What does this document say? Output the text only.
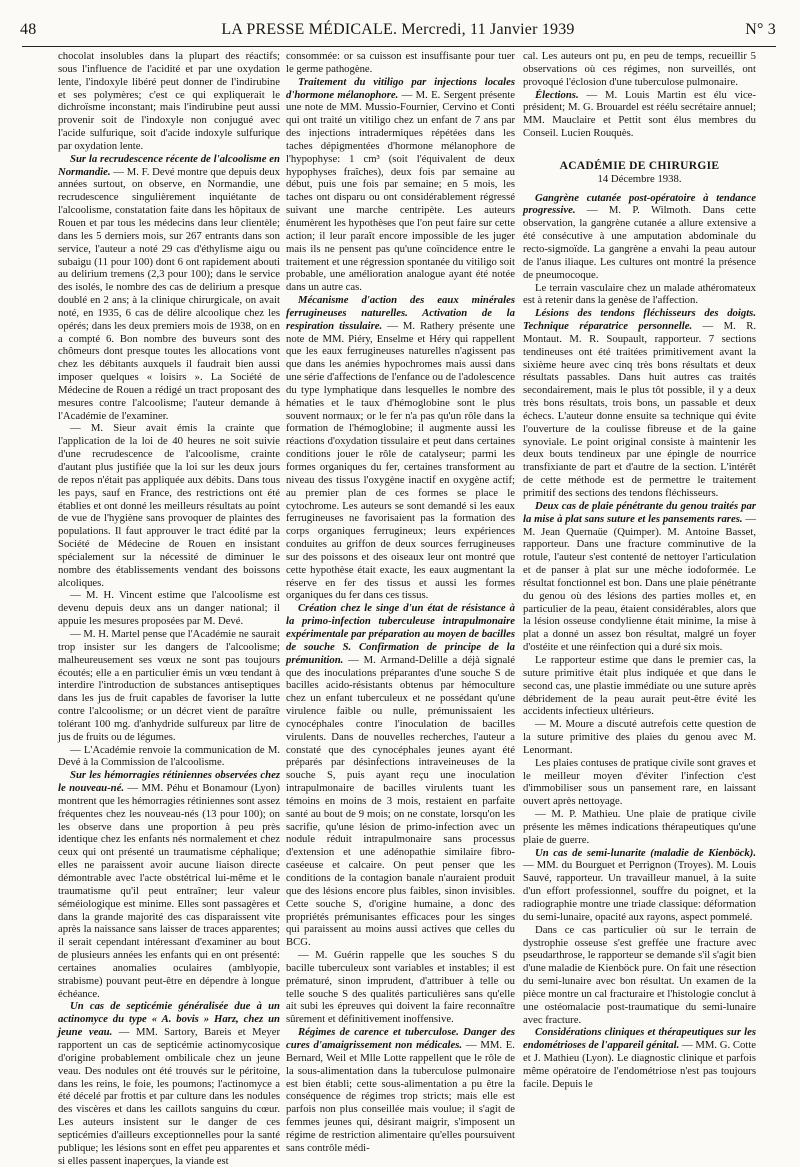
48	LA PRESSE MÉDICALE. Mercredi, 11 Janvier 1939	N° 3

chocolat insolubles dans la plupart des réactifs; sous l'influence de l'acidité et par une oxydation lente, l'indoxyle libéré peut donner de l'indirubine et ses polymères; c'est ce qui expliquerait le dichroïsme inconstant; mais l'indirubine peut aussi provenir soit de l'indoxyle non conjugué avec l'acide sulfurique, soit d'acide indoxyle sulfurique par oxydation lente.

Sur la recrudescence récente de l'alcoolisme en Normandie. — M. F. Devé montre que depuis deux années surtout, on observe, en Normandie, une recrudescence singulièrement inquiétante de l'alcoolisme, constatation faite dans les hôpitaux de Rouen et par tous les médecins dans leur clientèle; dans les 5 derniers mois, sur 267 entrants dans son service, l'auteur a noté 29 cas d'éthylisme aigu ou subaigu (11 pour 100) dont 6 ont rapidement abouti au delirium tremens (2,3 pour 100); dans le service des isolés, le nombre des cas de delirium a presque doublé en 2 ans; à la clinique chirurgicale, on avait noté, en 1935, 6 cas de délire alcoolique chez les opérés; dans les deux premiers mois de 1938, on en a compté 6. Bon nombre des buveurs sont des chômeurs dont presque toutes les allocations vont chez les débitants auxquels il faudrait bien aussi imposer quelques « loisirs ». La Société de Médecine de Rouen a rédigé un tract proposant des mesures contre l'alcoolisme; l'auteur demande à l'Académie de l'examiner.

— M. Sieur avait émis la crainte que l'application de la loi de 40 heures ne soit suivie d'une recrudescence de l'alcoolisme, crainte d'autant plus justifiée que la loi sur les deux jours de repos n'était pas appliquée aux débits. Dans tous les pays, sauf en France, des restrictions ont été établies et ont donné les meilleurs résultats au point de vue de l'hygiène sans provoquer de plaintes des populations. Il faut approuver le tract édité par la Société de Médecine de Rouen en insistant spécialement sur la nécessité de diminuer le nombre des établissements vendant des boissons alcoliques.

— M. H. Vincent estime que l'alcoolisme est devenu depuis deux ans un danger national; il appuie les mesures proposées par M. Devé.

— M. H. Martel pense que l'Académie ne saurait trop insister sur les dangers de l'alcoolisme; malheureusement ses vœux ne sont pas toujours écoutés; elle a en particulier émis un vœu tendant à interdire l'introduction de substances antiseptiques dans les jus de fruit capables de favoriser la lutte contre l'alcoolisme; or un décret vient de paraître tolérant 100 mg. d'anhydride sulfureux par litre de jus de fruits ou de légumes.

— L'Académie renvoie la communication de M. Devé à la Commission de l'alcoolisme.

Sur les hémorragies rétiniennes observées chez le nouveau-né. — MM. Péhu et Bonamour (Lyon) montrent que les hémorragies rétiniennes sont assez fréquentes chez les nouveau-nés (13 pour 100); on les observe dans une proportion à peu près identique chez les enfants nés normalement et chez ceux qui ont présenté un traumatisme céphalique; elles ne paraissent avoir aucune liaison directe démontrable avec l'acte obstétrical lui-même et le traumatisme qu'il peut entraîner; leur valeur séméiologique est minime. Elles sont passagères et dans la grande majorité des cas disparaissent vite après la naissance sans laisser de traces apparentes; il serait cependant intéressant d'examiner au bout de plusieurs années les enfants qui en ont présenté: certaines anomalies oculaires (amblyopie, strabisme) pouvant peut-être en dépendre à longue échéance.

Un cas de septicémie généralisée due à un actinomyce du type « A. bovis » Harz, chez un jeune veau. — MM. Sartory, Bareis et Meyer rapportent un cas de septicémie actinomycosique d'origine probablement ombilicale chez un jeune veau. Des nodules ont été trouvés sur le péritoine, dans les reins, le foie, les poumons; l'actinomyce a été décelé par frottis et par culture dans les nodules des viscères et dans les caillots sanguins du cœur. Les auteurs insistent sur le danger de ces septicémies d'ailleurs exceptionnelles pour la santé publique; les lésions sont en effet peu apparentes et si elles passent inaperçues, la viande est

consommée: or sa cuisson est insuffisante pour tuer le germe pathogène.

Traitement du vitiligo par injections locales d'hormone mélanophore. — M. E. Sergent présente une note de MM. Mussio-Fournier, Cervino et Conti qui ont traité un vitiligo chez un enfant de 7 ans par des injections intradermiques répétées dans les taches dépigmentées d'hormone mélanophore de l'hypophyse: 1 cm³ (soit l'équivalent de deux hypophyses fraîches), deux fois par semaine au début, puis une fois par semaine; en 5 mois, les taches ont disparu ou ont considérablement régressé suivant une marche centripète. Les auteurs énumèrent les hypothèses que l'on peut faire sur cette action; il leur paraît encore impossible de les juger mais ils ne pensent pas qu'une coïncidence entre le traitement et une régression spontanée du vitiligo soit probable, une amélioration analogue ayant été notée dans un autre cas.

Mécanisme d'action des eaux minérales ferrugineuses naturelles. Activation de la respiration tissulaire. — M. Rathery présente une note de MM. Piéry, Enselme et Héry qui rappellent que les eaux ferrugineuses naturelles n'agissent pas que dans les anémies hypochromes mais aussi dans une série d'affections de l'enfance ou de l'adolescence du type lymphatique dans lesquelles le nombre des hématies et le taux d'hémoglobine sont le plus souvent normaux; or le fer n'a pas qu'un rôle dans la formation de l'hémoglobine; il augmente aussi les réactions d'oxydation tissulaire et peut dans certaines conditions jouer le rôle de catalyseur; parmi les formes organiques du fer, certaines transforment au niveau des tissus l'oxygène inactif en oxygène actif; au premier plan de ces formes se place le cytochrome. Les auteurs se sont demandé si les eaux ferrugineuses ne favorisaient pas la formation des corps organiques ferrugineux; leurs expériences conduites au griffon de deux sources ferrugineuses sur des poissons et des oiseaux leur ont montré que cette hypothèse était exacte, les eaux augmentant la réserve en fer des tissus et aussi les formes organiques du fer dans ces tissus.

Création chez le singe d'un état de résistance à la primo-infection tuberculeuse intrapulmonaire expérimentale par préparation au moyen de bacilles de souche S. Confirmation de principe de la prémunition. — M. Armand-Delille a déjà signalé que des inoculations préparantes d'une souche S de bacilles acido-résistants obtenus par hémoculture chez un enfant tuberculeux et ne possédant qu'une virulence faible ou nulle, prémunissaient les cynocéphales contre l'inoculation de bacilles virulents. Dans de nouvelles recherches, l'auteur a constaté que des cynocéphales jeunes ayant été préparés par désinfections intraveineuses de la souche S, puis ayant reçu une inoculation intrapulmonaire de bacilles virulents tuant les témoins en moins de 3 mois, restaient en parfaite santé au bout de 9 mois; on ne constate, lorsqu'on les sacrifie, qu'une lésion de primo-infection avec un nodule réduit intrapulmonaire sans processus d'extension et une adénopathie similaire fibro-caséeuse et calcaire. On peut penser que les conditions de la contagion banale n'auraient produit que des lésions encore plus faibles, sinon invisibles. Cette souche S, d'origine humaine, a donc des propriétés prémunisantes efficaces pour les singes qui paraissent au moins aussi actives que celles du BCG.

— M. Guérin rappelle que les souches S du bacille tuberculeux sont variables et instables; il est prématuré, sinon imprudent, d'attribuer à telle ou telle souche S des qualités particulières sans qu'elle ait subi les épreuves qui doivent la faire reconnaître sûrement et définitivement inoffensive.

Régimes de carence et tuberculose. Danger des cures d'amaigrissement non médicales. — MM. E. Bernard, Weil et Mlle Lotte rappellent que le rôle de la sous-alimentation dans la tuberculose pulmonaire est bien établi; cette sous-alimentation a pu être la conséquence de régimes trop stricts; mais elle est parfois non plus conseillée mais voulue; il s'agit de femmes jeunes qui, désirant maigrir, s'imposent un régime de restriction alimentaire qu'elles poursuivent sans contrôle médi-

cal. Les auteurs ont pu, en peu de temps, recueillir 5 observations où ces régimes, non surveillés, ont provoqué l'éclosion d'une tuberculose pulmonaire.

Élections. — M. Louis Martin est élu vice-président; M. G. Brouardel est réélu secrétaire annuel; MM. Mauclaire et Pettit sont élus membres du Conseil. Lucien Rouquès.

ACADÉMIE DE CHIRURGIE
14 Décembre 1938.

Gangrène cutanée post-opératoire à tendance progressive. — M. P. Wilmoth. Dans cette observation, la gangrène cutanée a allure extensive a été consécutive à une amputation abdominale du recto-sigmoïde. La gangrène a envahi la peau autour de l'anus iliaque. Les cultures ont montré la présence de pneumocoque.

Le terrain vasculaire chez un malade athéromateux est à retenir dans la genèse de l'affection.

Lésions des tendons fléchisseurs des doigts. Technique réparatrice personnelle. — M. R. Montaut. M. R. Soupault, rapporteur. 7 sections tendineuses ont été traitées primitivement avant la sixième heure avec cinq très bons résultats et deux résultats passables. Dans huit autres cas traités secondairement, mais le plus tôt possible, il y a deux très bons résultats, trois bons, un passable et deux échecs. L'auteur donne ensuite sa technique qui évite l'ouverture de la coulisse fibreuse et de la gaine synoviale. Le point original consiste à maintenir les deux bouts tendineux par une épingle de nourrice transfixiante de part et d'autre de la section. L'intérêt de cette méthode est de permettre le traitement primitif des sections des tendons fléchisseurs.

Deux cas de plaie pénétrante du genou traités par la mise à plat sans suture et les pansements rares. — M. Jean Quernaüe (Quimper). M. Antoine Basset, rapporteur. Dans une fracture comminutive de la rotule, l'auteur s'est contenté de nettoyer l'articulation et de panser à plat sur une mèche iodoformée. Le résultat fonctionnel est bon. Dans une plaie pénétrante du genou où des lésions des parties molles et, en particulier de la peau, étaient considérables, alors que la lésion osseuse condylienne était minime, la mise à plat a donné un assez bon résultat, malgré un foyer d'ostéite et une réinfection qui a duré six mois.

Le rapporteur estime que dans le premier cas, la suture primitive était plus indiquée et que dans le second cas, une plastie immédiate ou une suture après débridement de la peau aurait peut-être évité les accidents infectieux ultérieurs.

— M. Moure a discuté autrefois cette question de la suture primitive des plaies du genou avec M. Lenormant.

Les plaies contuses de pratique civile sont graves et le meilleur moyen d'éviter l'infection c'est d'immobiliser sous un pansement rare, en laissant ouvert après nettoyage.

— M. P. Mathieu. Une plaie de pratique civile présente les mêmes indications thérapeutiques qu'une plaie de guerre.

Un cas de semi-lunarite (maladie de Kienböck). — MM. du Bourguet et Perrignon (Troyes). M. Louis Sauvé, rapporteur. Un travailleur manuel, à la suite d'un effort professionnel, souffre du poignet, et la radiographie montre une triade classique: déformation du semi-lunaire, opacité aux rayons, aspect pommelé.

Dans ce cas particulier où sur le terrain de dystrophie osseuse s'est greffée une fracture avec pseudarthrose, le rapporteur se demande s'il s'agit bien d'une maladie de Kienböck pure. On fait une résection du semi-lunaire avec bon résultat. Un examen de la pièce montre un cal fracturaire et l'histologie conclut à une ostéomalacie post-traumatique du semi-lunaire avec fracture.

Considérations cliniques et thérapeutiques sur les endométrioses de l'appareil génital. — MM. G. Cotte et J. Mathieu (Lyon). Le diagnostic clinique et parfois même opératoire de l'endométriose n'est pas toujours facile. Depuis le
